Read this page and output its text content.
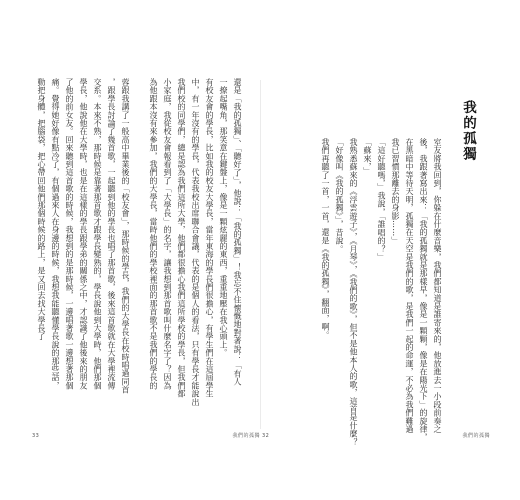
還是「我的孤獨」、「聽好了」，他說：「我的孤獨」！我忘不住懷慨地對著說：「有人
一撩起嘴角，那笑意在鍵盤上，像是一顆炫麗的東西，重重地壓在我心頭上。
有校友會的學長，比如我的校友大學長，當年東海的學長們很擔心，有學生們在這屆學生
中，有一年沒有的學長，代表我校出席聯合會議，代表的是個人的看法，只有學長才能說出
我們校的同學們，總是認為我們這所大學，他們都很擔心我們這所學校的學長，但我們都
小家庭，我從校友會報看到了「大學長」的名字，讓我想到那首歌叫什麼名字了？因為
為他跟本沒有來參加，我們的大學長，當時他們的學校裡面的那首歌不是我們的學長的
蓉跟我講了一般高中畢業後的「校友會」，那時候的學長，我們的大學長在校時唱過同首
，跟學長討論了幾首歌，一起聽到他的學長也唱了那首歌，後來這首歌就在大學裡流傳
交系。本來不熟，那時候是靠著那首歌才跟學長變熟的，學長說他到大學時，他們那個
學長，他說他在大學時，也是在這樣的學長跟學弟的關係之中，才認識了他後來的朋友
了他的前女友。回來聽到這首歌的時候，我想到的是那時候，一邊唱著歌一邊想著那個
痛。覺得她好像有點冷了，有個過來人在身邊的時候，我想我能聽懂學長說的那些話，
動把身體，把腦袋，把心帶回他們那個時候的路上，是又回去找大學長了
33	我們的孤獨
我的孤獨
室友將我回到，你躲在什麼音樂，我們都知道是誰寄來的，他放進去一小段前奏之
後，我跟著寫出來：「我的孤獨就是那樣早，像是一顆顆，像是在陽光下」的旋律，
在黑暗中等待天明，孤獨在天空是我們的歌，是我們一起的命運，不必為我們難過
我已習慣那離去的身影……」
「這好聽嗎，」我說，「誰唱的？」
「蘇來，」
我熟悉蘇來的《浮雲遊子》，《月琴》，《我們的歌》，但不是他本人的歌，這首是什麼？
「好像叫《我的孤獨》」，昔說。
我們再聽了一首，一首，還是《我的孤獨》，翻面，啊。
32	我們的孤獨
